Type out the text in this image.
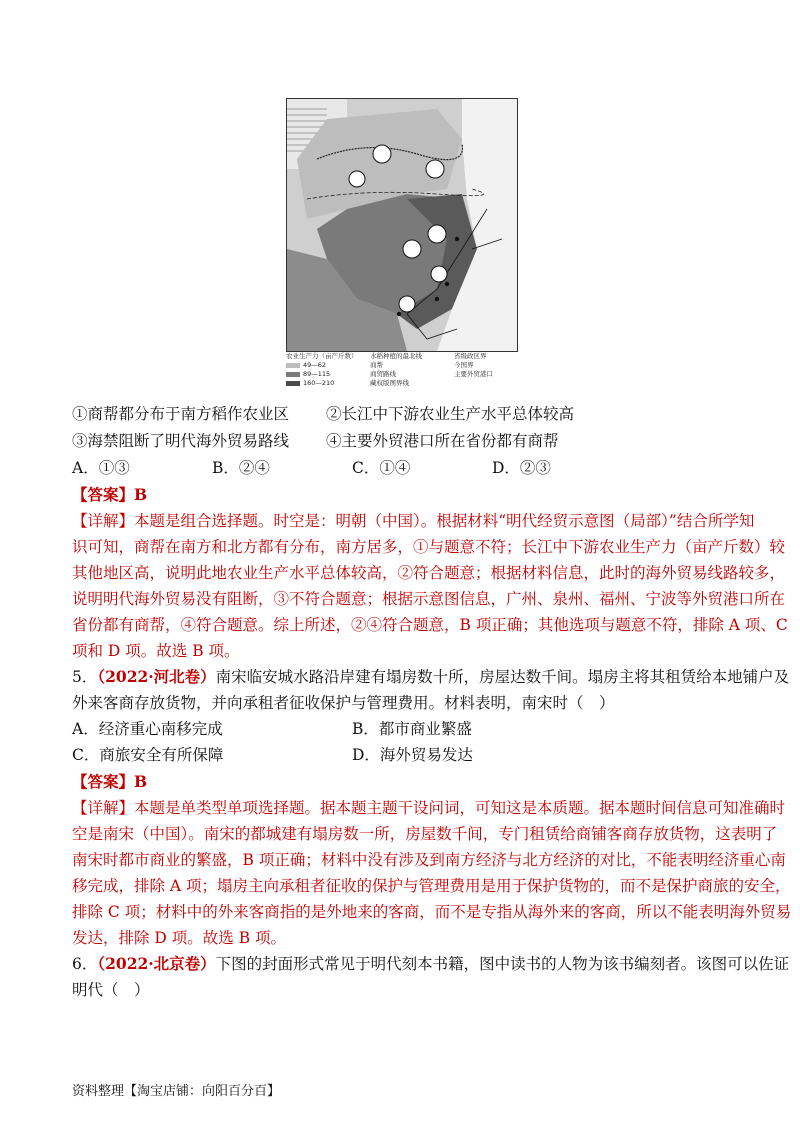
农业生产力（亩产斤数）
49—62
89—115
160—210
水稻种植的最北线
商帮
商贸路线
藏权版图界线
省级政区界
今国界
主要外贸港口
①商帮都分布于南方稻作农业区 ②长江中下游农业生产水平总体较高
③海禁阻断了明代海外贸易路线 ④主要外贸港口所在省份都有商帮
A．①③	B．②④	C．①④	D．②③
【答案】B
【详解】本题是组合选择题。时空是：明朝（中国）。根据材料“明代经贸示意图（局部）”结合所学知
识可知，商帮在南方和北方都有分布，南方居多，①与题意不符；长江中下游农业生产力（亩产斤数）较
其他地区高，说明此地农业生产水平总体较高，②符合题意；根据材料信息，此时的海外贸易线路较多，
说明明代海外贸易没有阻断，③不符合题意；根据示意图信息，广州、泉州、福州、宁波等外贸港口所在
省份都有商帮，④符合题意。综上所述，②④符合题意，B 项正确；其他选项与题意不符，排除 A 项、C
项和 D 项。故选 B 项。
5．（2022·河北卷）南宋临安城水路沿岸建有塌房数十所，房屋达数千间。塌房主将其租赁给本地铺户及
外来客商存放货物，并向承租者征收保护与管理费用。材料表明，南宋时（　）
A．经济重心南移完成	B．都市商业繁盛
C．商旅安全有所保障	D．海外贸易发达
【答案】B
【详解】本题是单类型单项选择题。据本题主题干设问词，可知这是本质题。据本题时间信息可知准确时
空是南宋（中国）。南宋的都城建有塌房数一所，房屋数千间，专门租赁给商铺客商存放货物，这表明了
南宋时都市商业的繁盛，B 项正确；材料中没有涉及到南方经济与北方经济的对比，不能表明经济重心南
移完成，排除 A 项；塌房主向承租者征收的保护与管理费用是用于保护货物的，而不是保护商旅的安全，
排除 C 项；材料中的外来客商指的是外地来的客商，而不是专指从海外来的客商，所以不能表明海外贸易
发达，排除 D 项。故选 B 项。
6．（2022·北京卷）下图的封面形式常见于明代刻本书籍，图中读书的人物为该书编刻者。该图可以佐证
明代（　）
资料整理【淘宝店铺：向阳百分百】
